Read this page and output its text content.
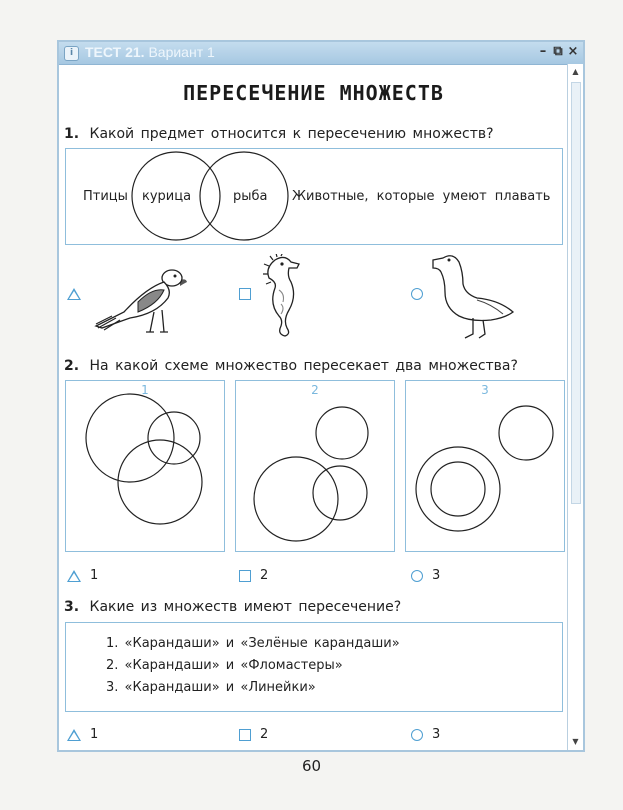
i ТЕСТ 21. Вариант 1	– ⧉ ×
▲
▼
ПЕРЕСЕЧЕНИЕ МНОЖЕСТВ
1. Какой предмет относится к пересечению множеств?
Птицы курица	рыба Животные, которые умеют плавать
2. На какой схеме множество пересекает два множества?
1	2	3
1	2	3
3. Какие из множеств имеют пересечение?
1. «Карандаши» и «Зелёные карандаши»
2. «Карандаши» и «Фломастеры»
3. «Карандаши» и «Линейки»
1	2	3
60
